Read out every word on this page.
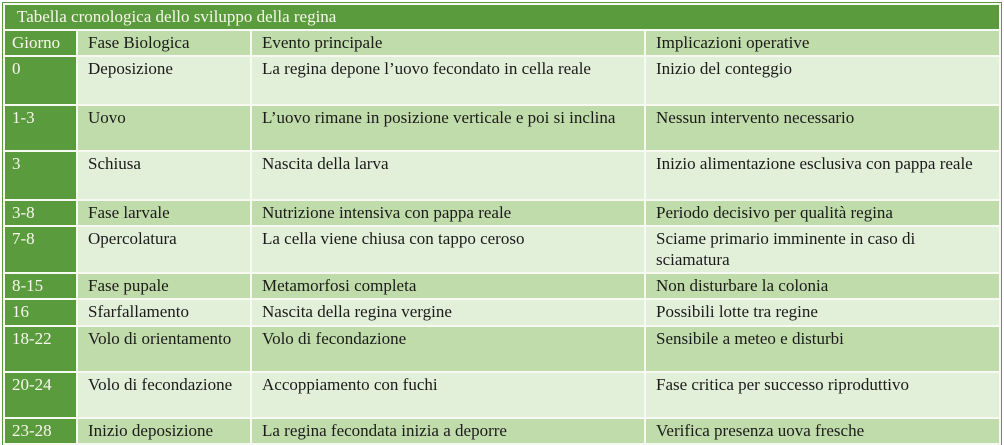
Tabella cronologica dello sviluppo della regina			
Giorno	Fase Biologica	Evento principale	Implicazioni operative
0	Deposizione	La regina depone l’uovo fecondato in cella reale	Inizio del conteggio
1-3	Uovo	L’uovo rimane in posizione verticale e poi si inclina	Nessun intervento necessario
3	Schiusa	Nascita della larva	Inizio alimentazione esclusiva con pappa reale
3-8	Fase larvale	Nutrizione intensiva con pappa reale	Periodo decisivo per qualità regina
7-8	Opercolatura	La cella viene chiusa con tappo ceroso	Sciame primario imminente in caso di sciamatura
8-15	Fase pupale	Metamorfosi completa	Non disturbare la colonia
16	Sfarfallamento	Nascita della regina vergine	Possibili lotte tra regine
18-22	Volo di orientamento	Volo di fecondazione	Sensibile a meteo e disturbi
20-24	Volo di fecondazione	Accoppiamento con fuchi	Fase critica per successo riproduttivo
23-28	Inizio deposizione	La regina fecondata inizia a deporre	Verifica presenza uova fresche
